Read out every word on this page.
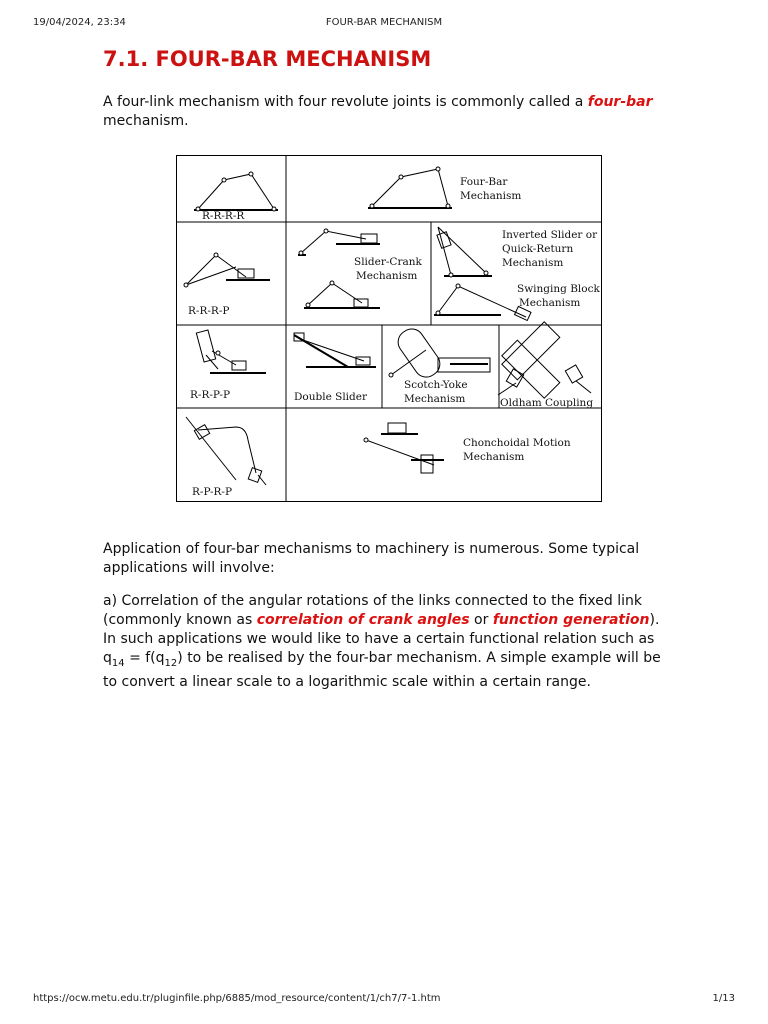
19/04/2024, 23:34	FOUR-BAR MECHANISM
7.1. FOUR-BAR MECHANISM

A four-link mechanism with four revolute joints is commonly called a four-bar mechanism.

Application of four-bar mechanisms to machinery is numerous. Some typical applications will involve:

a) Correlation of the angular rotations of the links connected to the fixed link (commonly known as correlation of crank angles or function generation). In such applications we would like to have a certain functional relation such as $q_{14} = f(q_{12})$ to be realised by the four-bar mechanism. A simple example will be to convert a linear scale to a logarithmic scale within a certain range.

R-R-R-R
Four-Bar
Mechanism
R-R-R-P
Slider-Crank
Mechanism
Inverted Slider or
Quick-Return
Mechanism
Swinging Block
Mechanism
R-R-P-P	Double Slider
Scotch-Yoke
Mechanism	Oldham Coupling
R-P-R-P
Chonchoidal Motion
Mechanism
https://ocw.metu.edu.tr/pluginfile.php/6885/mod_resource/content/1/ch7/7-1.htm	1/13
